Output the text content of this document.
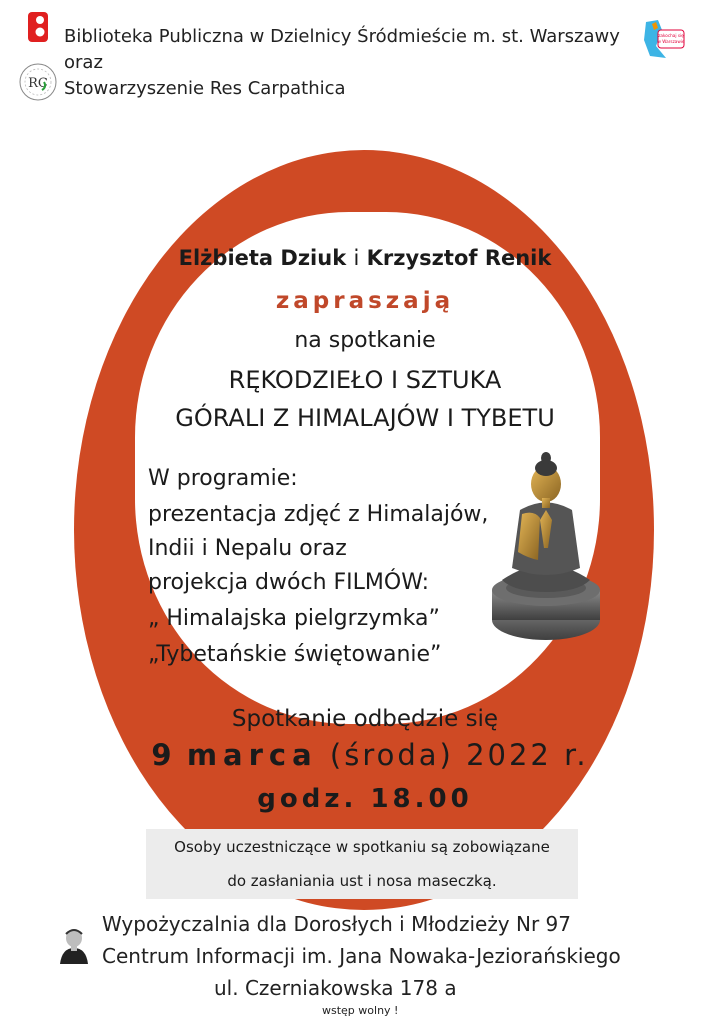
Biblioteka Publiczna w Dzielnicy Śródmieście m. st. Warszawy
oraz
RC Stowarzyszenie Res Carpathica
zakochaj się
w Warszawie
Elżbieta Dziuk i Krzysztof Renik
zapraszają
na spotkanie
RĘKODZIEŁO I SZTUKA
GÓRALI Z HIMALAJÓW I TYBETU
W programie:
prezentacja zdjęć z Himalajów,
Indii i Nepalu oraz
projekcja dwóch FILMÓW:
„ Himalajska pielgrzymka”
„Tybetańskie świętowanie”
Spotkanie odbędzie się
9 marca (środa) 2022 r.
godz. 18.00
Osoby uczestniczące w spotkaniu są zobowiązane
do zasłaniania ust i nosa maseczką.
Wypożyczalnia dla Dorosłych i Młodzieży Nr 97
Centrum Informacji im. Jana Nowaka-Jeziorańskiego
ul. Czerniakowska 178 a
wstęp wolny !
